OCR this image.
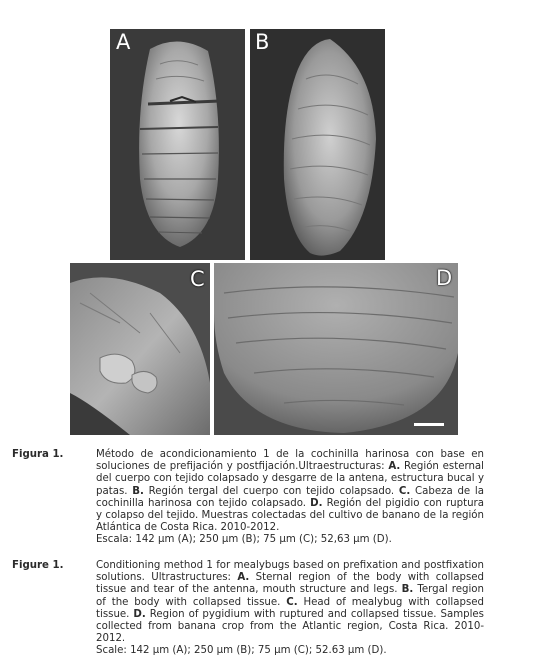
A	B
C	D
Figura 1.	Método de acondicionamiento 1 de la cochinilla harinosa con base en soluciones de prefijación y postfijación.Ultraestructuras: A. Región esternal del cuerpo con tejido colapsado y desgarre de la antena, estructura bucal y patas. B. Región tergal del cuerpo con tejido colapsado. C. Cabeza de la cochinilla harinosa con tejido colapsado. D. Región del pigidio con ruptura y colapso del tejido. Muestras colectadas del cultivo de banano de la región Atlántica de Costa Rica. 2010-2012.

Escala: 142 µm (A); 250 µm (B); 75 µm (C); 52,63 µm (D).

Figure 1.	Conditioning method 1 for mealybugs based on prefixation and postfixation solutions. Ultrastructures: A. Sternal region of the body with collapsed tissue and tear of the antenna, mouth structure and legs. B. Tergal region of the body with collapsed tissue. C. Head of mealybug with collapsed tissue. D. Region of pygidium with ruptured and collapsed tissue. Samples collected from banana crop from the Atlantic region, Costa Rica. 2010-2012.

Scale: 142 µm (A); 250 µm (B); 75 µm (C); 52.63 µm (D).
